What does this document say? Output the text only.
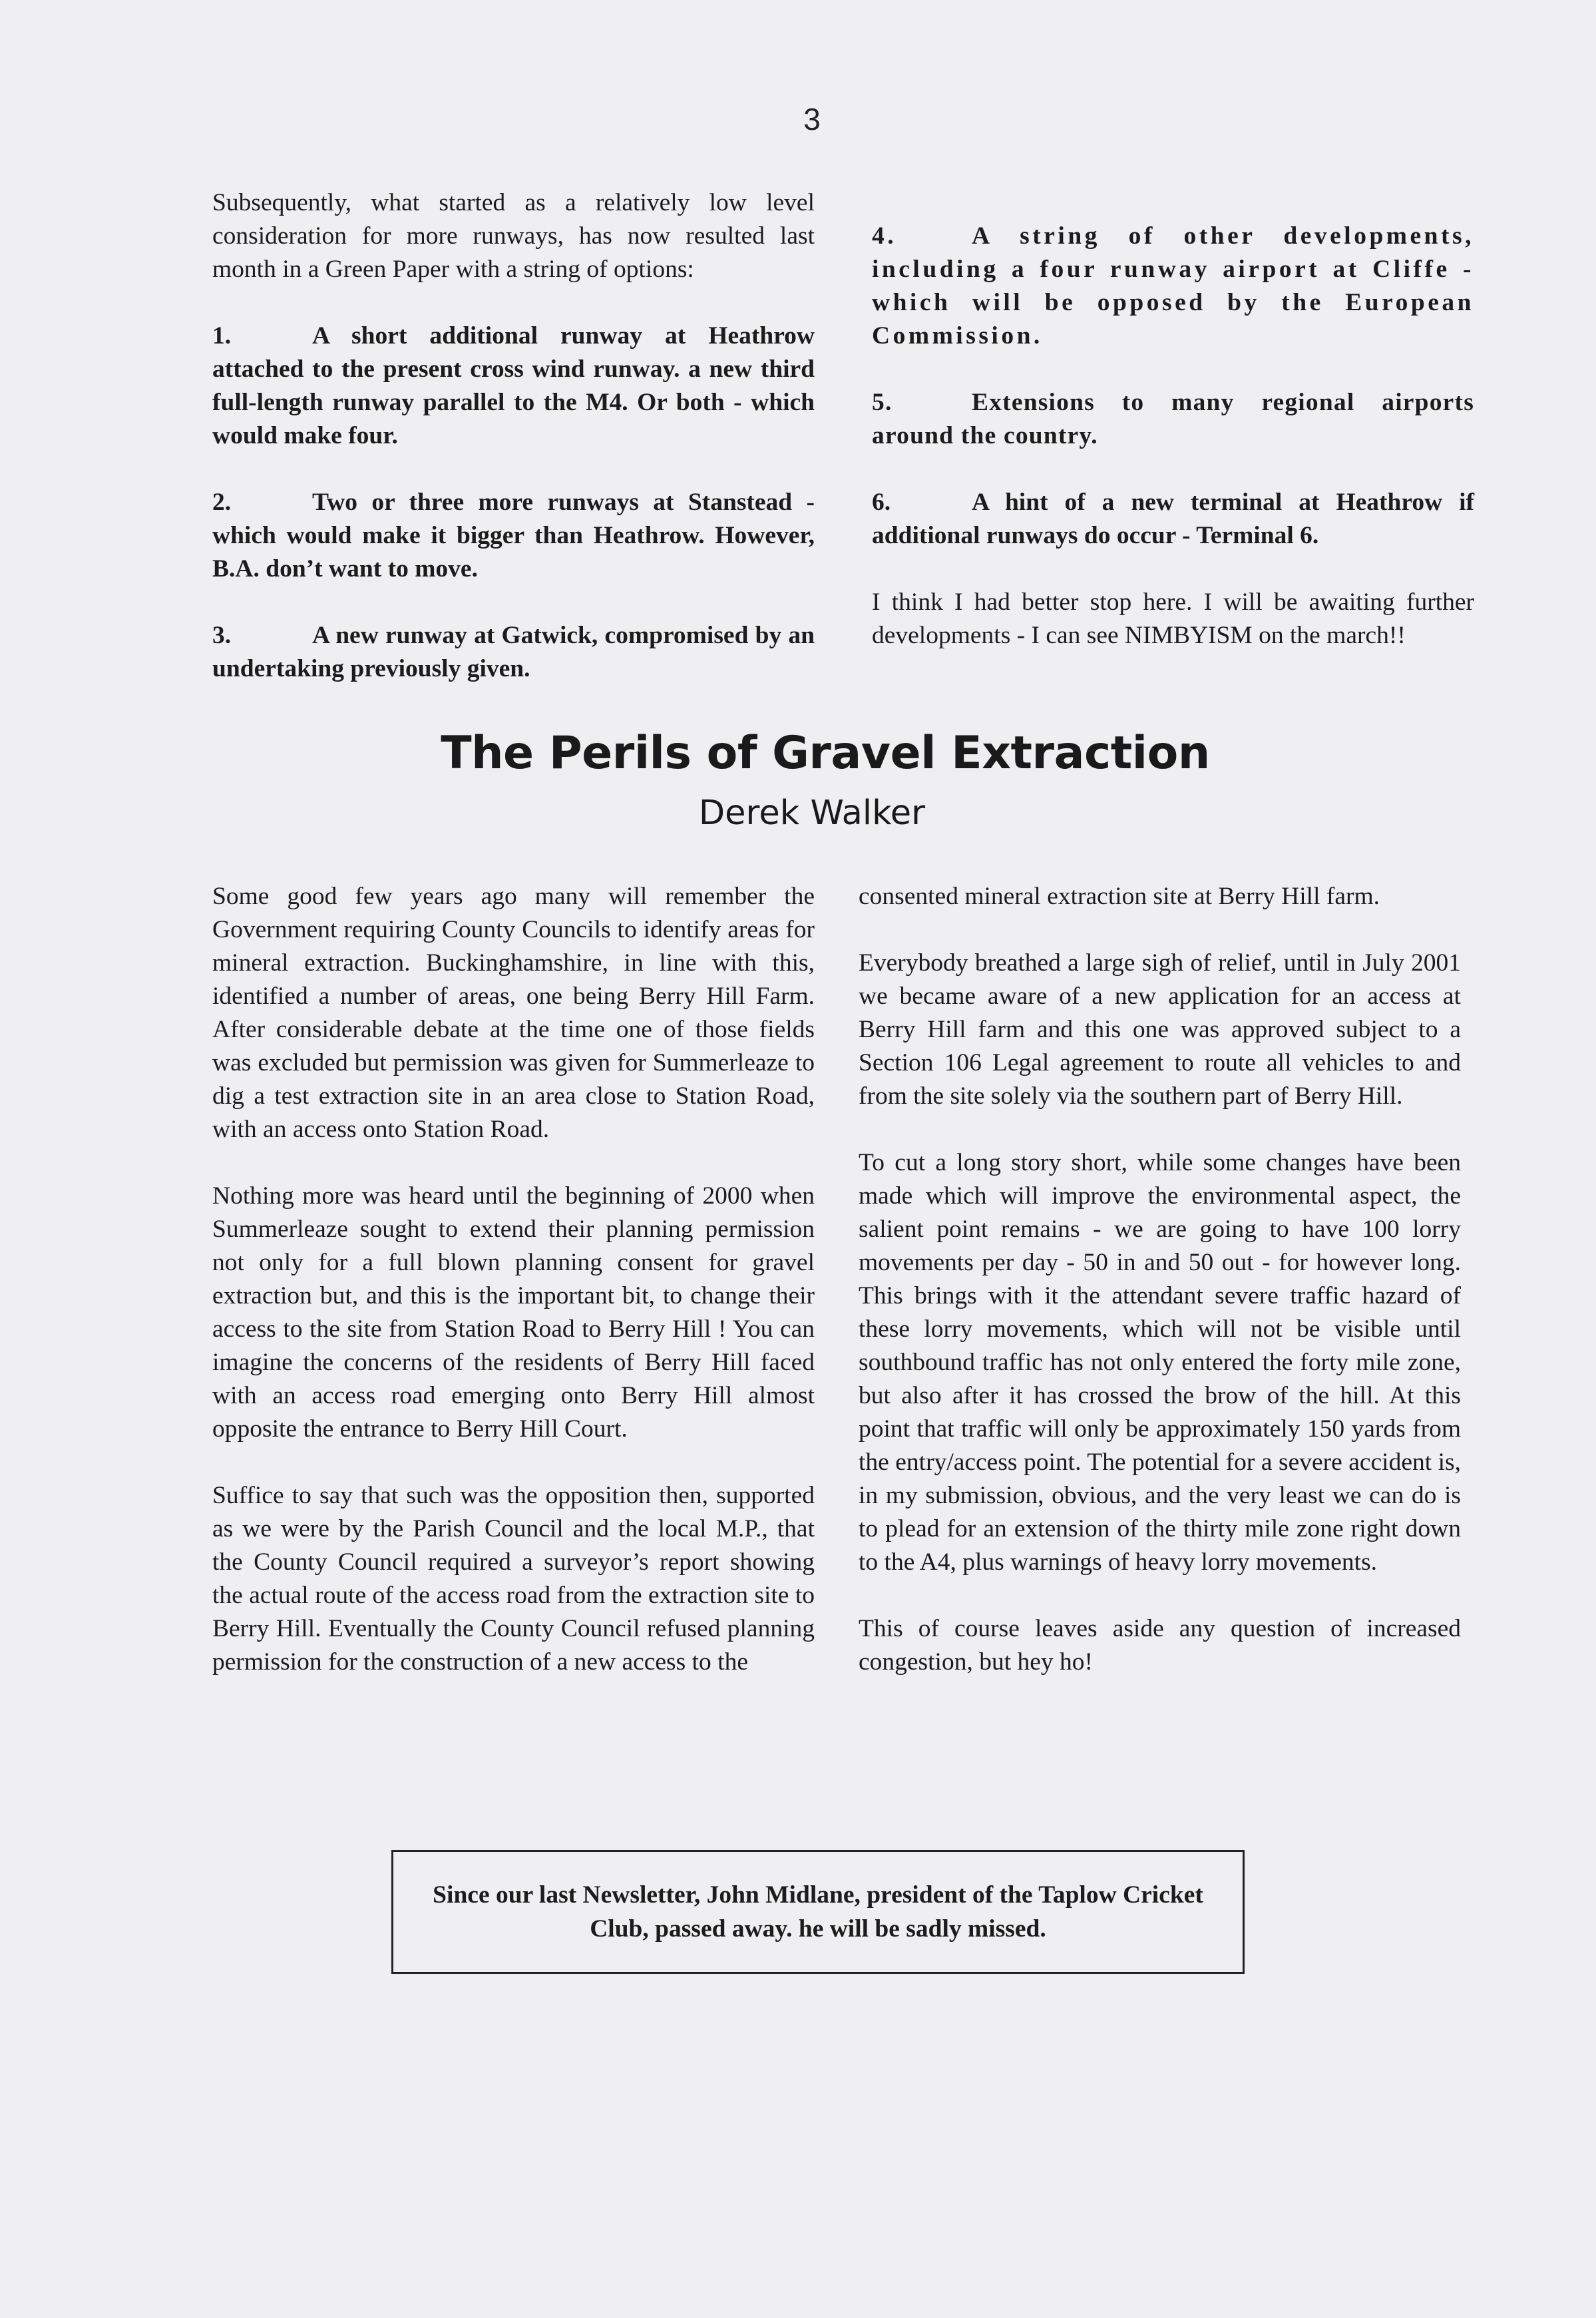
3

Subsequently, what started as a relatively low level consideration for more runways, has now resulted last month in a Green Paper with a string of options:

1.	A short additional runway at Heathrow attached to the present cross wind runway. a new third full-length runway parallel to the M4. Or both - which would make four.

2.	Two or three more runways at Stanstead - which would make it bigger than Heathrow. However, B.A. don’t want to move.

3.	A new runway at Gatwick, compromised by an undertaking previously given.

4.	A string of other developments, including a four runway airport at Cliffe - which will be opposed by the European Commission.

5.	Extensions to many regional airports around the country.

6.	A hint of a new terminal at Heathrow if additional runways do occur - Terminal 6.

I think I had better stop here. I will be awaiting further developments - I can see NIMBYISM on the march!!

The Perils of Gravel Extraction
Derek Walker

Some good few years ago many will remember the Government requiring County Councils to identify areas for mineral extraction. Buckinghamshire, in line with this, identified a number of areas, one being Berry Hill Farm. After considerable debate at the time one of those fields was excluded but permission was given for Summerleaze to dig a test extraction site in an area close to Station Road, with an access onto Station Road.

Nothing more was heard until the beginning of 2000 when Summerleaze sought to extend their planning permission not only for a full blown planning consent for gravel extraction but, and this is the important bit, to change their access to the site from Station Road to Berry Hill ! You can imagine the concerns of the residents of Berry Hill faced with an access road emerging onto Berry Hill almost opposite the entrance to Berry Hill Court.

Suffice to say that such was the opposition then, supported as we were by the Parish Council and the local M.P., that the County Council required a surveyor’s report showing the actual route of the access road from the extraction site to Berry Hill. Eventually the County Council refused planning permission for the construction of a new access to the

consented mineral extraction site at Berry Hill farm.

Everybody breathed a large sigh of relief, until in July 2001 we became aware of a new application for an access at Berry Hill farm and this one was approved subject to a Section 106 Legal agreement to route all vehicles to and from the site solely via the southern part of Berry Hill.

To cut a long story short, while some changes have been made which will improve the environmental aspect, the salient point remains - we are going to have 100 lorry movements per day - 50 in and 50 out - for however long. This brings with it the attendant severe traffic hazard of these lorry movements, which will not be visible until southbound traffic has not only entered the forty mile zone, but also after it has crossed the brow of the hill. At this point that traffic will only be approximately 150 yards from the entry/access point. The potential for a severe accident is, in my submission, obvious, and the very least we can do is to plead for an extension of the thirty mile zone right down to the A4, plus warnings of heavy lorry movements.

This of course leaves aside any question of increased congestion, but hey ho!

Since our last Newsletter, John Midlane, president of the Taplow Cricket Club, passed away. he will be sadly missed.
